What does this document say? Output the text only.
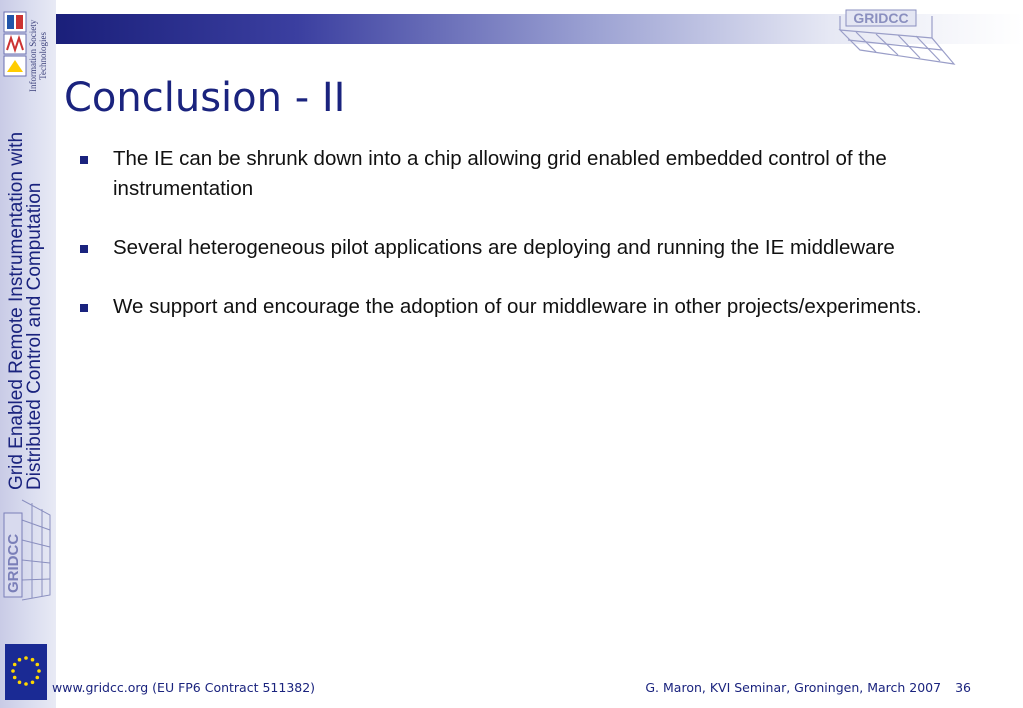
Information Society Technologies
Grid Enabled Remote Instrumentation with
Distributed Control and Computation
GRIDCC
GRIDCC
Conclusion - II
The IE can be shrunk down into a chip allowing grid enabled embedded control of the instrumentation
Several heterogeneous pilot applications are deploying and running the IE middleware
We support and encourage the adoption of our middleware in other projects/experiments.
www.gridcc.org (EU FP6 Contract 511382)	G. Maron, KVI Seminar, Groningen, March 2007 36
